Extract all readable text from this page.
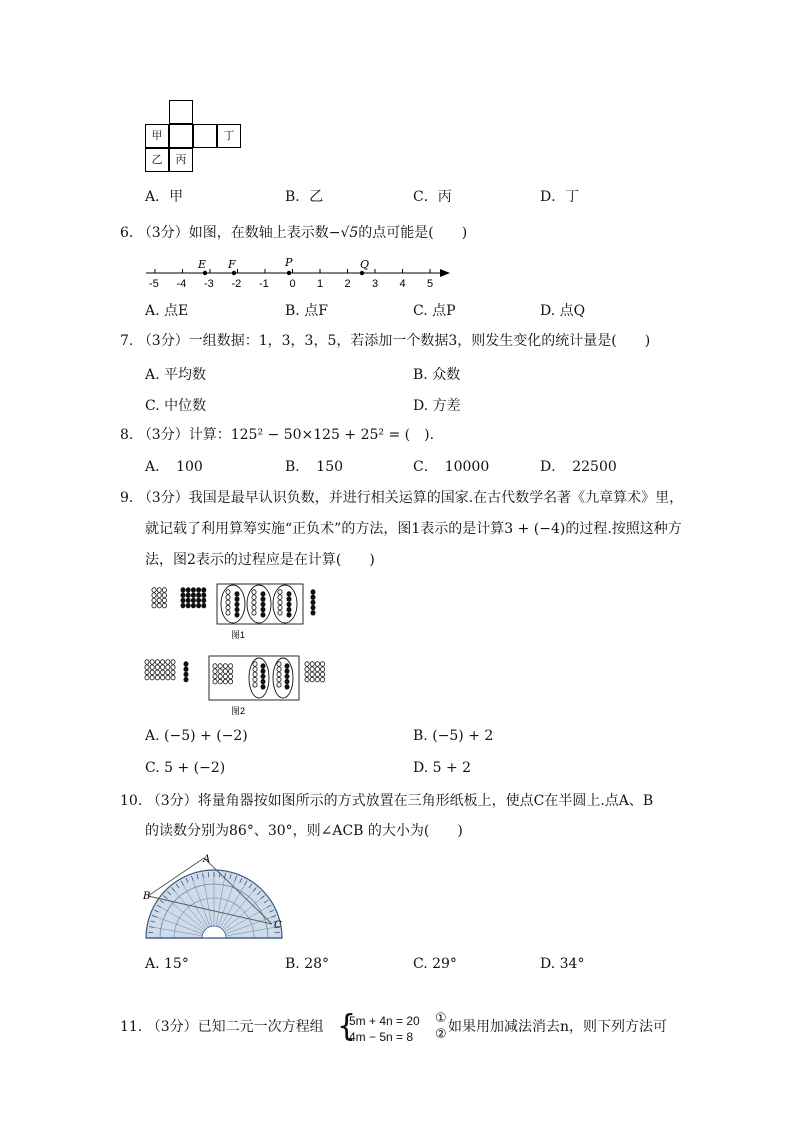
甲	丁
乙	丙
A．甲	B．乙	C．丙	D．丁
6. （3分）如图，在数轴上表示数−√5的点可能是(　　)
-5 -4 -3 -2 -1 0 1 2 3 4 5
E F	P	Q
A. 点E	B. 点F	C. 点P	D. 点Q
7. （3分）一组数据：1，3，3，5，若添加一个数据3，则发生变化的统计量是(　　)
A. 平均数	B. 众数
C. 中位数	D. 方差
8. （3分）计算：125² − 50×125 + 25² = (　).
A．　100	B．　150	C．　10000	D．　22500
9. （3分）我国是最早认识负数，并进行相关运算的国家.在古代数学名著《九章算术》里，
就记载了利用算筹实施“正负术”的方法，图1表示的是计算3 + (−4)的过程.按照这种方
法，图2表示的过程应是在计算(　　)
图1
图2
A. (−5) + (−2)	B. (−5) + 2
C. 5 + (−2)	D. 5 + 2
10. （3分）将量角器按如图所示的方式放置在三角形纸板上，使点C在半圆上.点A、B
的读数分别为86°、30°，则∠ACB 的大小为(　　)
A
B
C
A. 15°	B. 28°	C. 29°	D. 34°
11. （3分）已知二元一次方程组 {
5m + 4n = 20
4m − 5n = 8
①
② 如果用加减法消去n，则下列方法可
